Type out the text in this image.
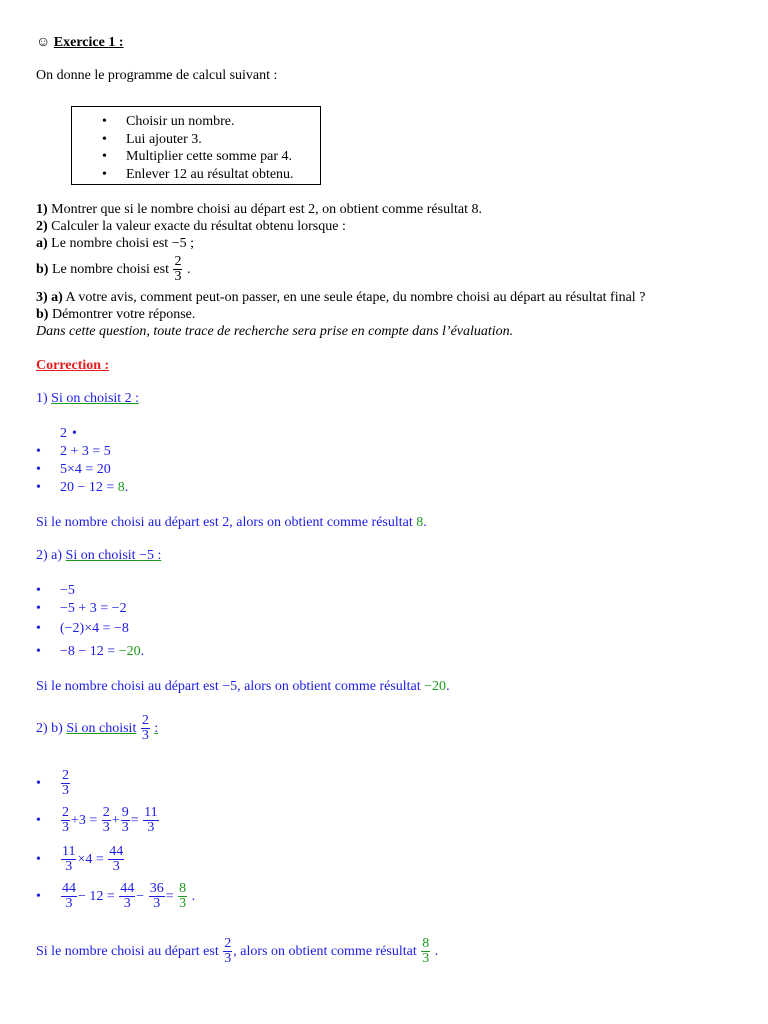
☺ Exercice 1 :
On donne le programme de calcul suivant :
• Choisir un nombre.
• Lui ajouter 3.
• Multiplier cette somme par 4.
• Enlever 12 au résultat obtenu.
1) Montrer que si le nombre choisi au départ est 2, on obtient comme résultat 8.
2) Calculer la valeur exacte du résultat obtenu lorsque :
a) Le nombre choisi est −5 ;
b) Le nombre choisi est $\frac{2}{3}$ .
3) a) A votre avis, comment peut-on passer, en une seule étape, du nombre choisi au départ au résultat final ?
b) Démontrer votre réponse.
Dans cette question, toute trace de recherche sera prise en compte dans l’évaluation.
Correction :
1) Si on choisit 2 :
•
2
• 2 + 3 = 5
• 5×4 = 20
• 20 − 12 = 8.
Si le nombre choisi au départ est 2, alors on obtient comme résultat 8.
2) a) Si on choisit −5 :
• −5
• −5 + 3 = −2
• (−2)×4 = −8
• −8 − 12 = −20.
Si le nombre choisi au départ est −5, alors on obtient comme résultat −20.
2) b) Si on choisit $\frac{2}{3}$ :
• $\frac{2}{3}$
• $\frac{2}{3} +3 = \frac{2}{3} + \frac{9}{3} = \frac{11}{3}$
• $\frac{11}{3} \times 4 = \frac{44}{3}$
• $\frac{44}{3} - 12 = \frac{44}{3} - \frac{36}{3} = \frac{8}{3}$ .
Si le nombre choisi au départ est $\frac{2}{3}$ , alors on obtient comme résultat $\frac{8}{3}$ .
